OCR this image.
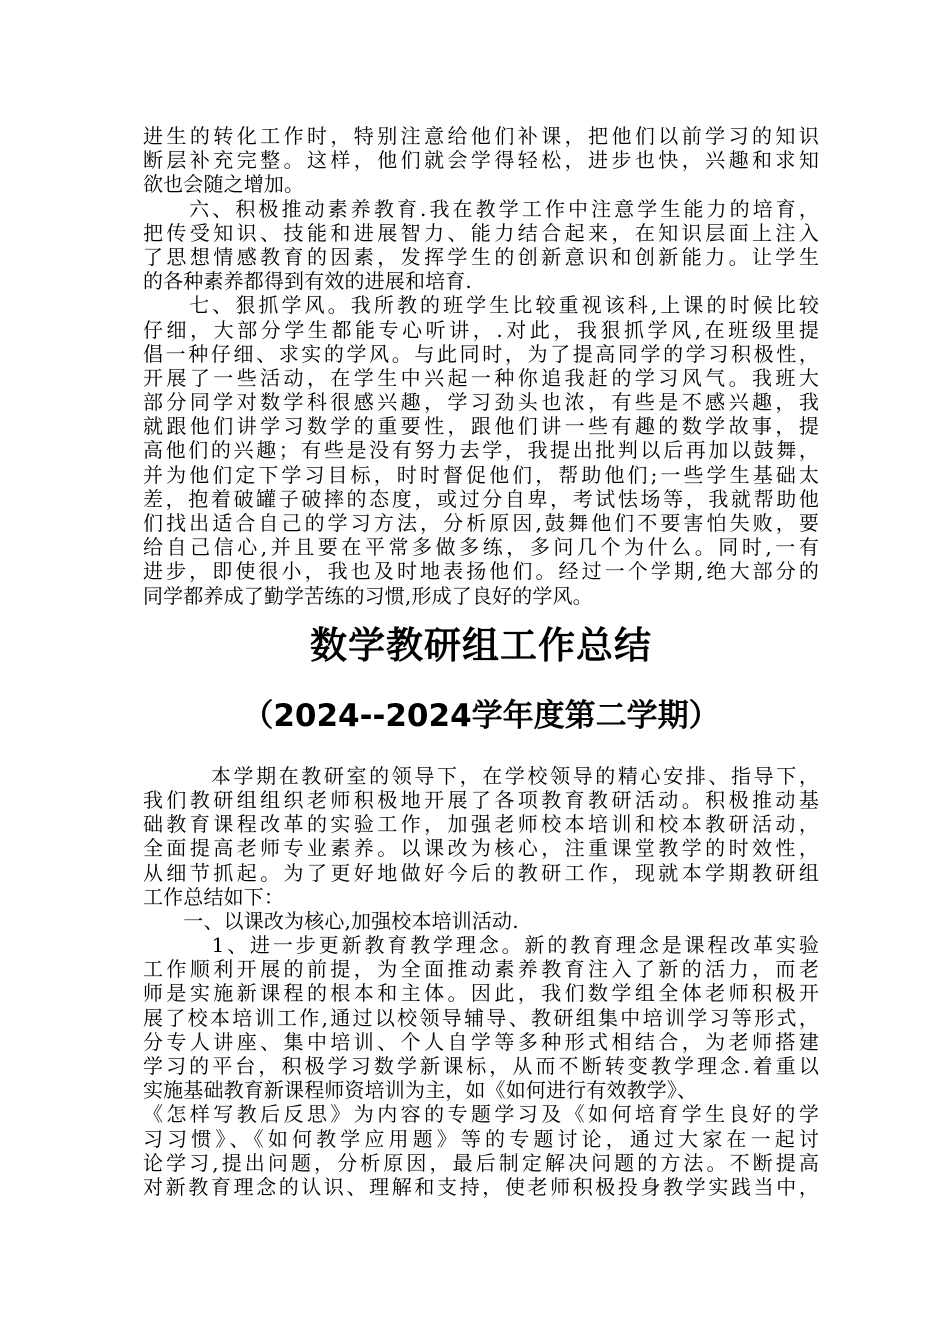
进生的转化工作时，特别注意给他们补课，把他们以前学习的知识
断层补充完整。这样，他们就会学得轻松，进步也快，兴趣和求知
欲也会随之增加。
　　六、积极推动素养教育.我在教学工作中注意学生能力的培育，
把传受知识、技能和进展智力、能力结合起来，在知识层面上注入
了思想情感教育的因素，发挥学生的创新意识和创新能力。让学生
的各种素养都得到有效的进展和培育.
　　七、狠抓学风。我所教的班学生比较重视该科,上课的时候比较
仔细，大部分学生都能专心听讲，.对此，我狠抓学风,在班级里提
倡一种仔细、求实的学风。与此同时，为了提高同学的学习积极性，
开展了一些活动，在学生中兴起一种你追我赶的学习风气。我班大
部分同学对数学科很感兴趣，学习劲头也浓，有些是不感兴趣，我
就跟他们讲学习数学的重要性，跟他们讲一些有趣的数学故事，提
高他们的兴趣；有些是没有努力去学，我提出批判以后再加以鼓舞，
并为他们定下学习目标，时时督促他们，帮助他们;一些学生基础太
差，抱着破罐子破摔的态度，或过分自卑，考试怯场等，我就帮助他
们找出适合自己的学习方法，分析原因,鼓舞他们不要害怕失败，要
给自己信心,并且要在平常多做多练，多问几个为什么。同时,一有
进步，即使很小，我也及时地表扬他们。经过一个学期,绝大部分的
同学都养成了勤学苦练的习惯,形成了良好的学风。
数学教研组工作总结
（2024--2024学年度第二学期）
　　　本学期在教研室的领导下，在学校领导的精心安排、指导下，
我们教研组组织老师积极地开展了各项教育教研活动。积极推动基
础教育课程改革的实验工作，加强老师校本培训和校本教研活动，
全面提高老师专业素养。以课改为核心，注重课堂教学的时效性，
从细节抓起。为了更好地做好今后的教研工作，现就本学期教研组
工作总结如下：
　　一、以课改为核心,加强校本培训活动.
　　　1、进一步更新教育教学理念。新的教育理念是课程改革实验
工作顺利开展的前提，为全面推动素养教育注入了新的活力，而老
师是实施新课程的根本和主体。因此，我们数学组全体老师积极开
展了校本培训工作,通过以校领导辅导、教研组集中培训学习等形式，
分专人讲座、集中培训、个人自学等多种形式相结合，为老师搭建
学习的平台，积极学习数学新课标，从而不断转变教学理念.着重以
实施基础教育新课程师资培训为主，如《如何进行有效教学》、
《怎样写教后反思》为内容的专题学习及《如何培育学生良好的学
习习惯》、《如何教学应用题》等的专题讨论，通过大家在一起讨
论学习,提出问题，分析原因，最后制定解决问题的方法。不断提高
对新教育理念的认识、理解和支持，使老师积极投身教学实践当中，
